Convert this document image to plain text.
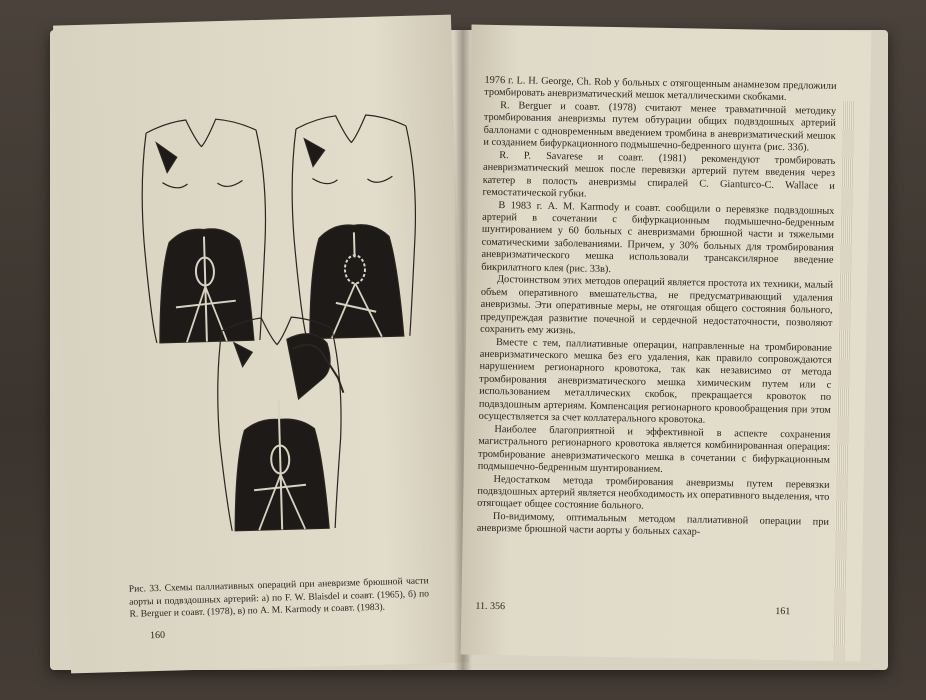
Рис. 33. Схемы паллиативных операций при аневризме брюшной части аорты и подвздошных артерий: а) по F. W. Blaisdel и соавт. (1965), б) по R. Berguer и соавт. (1978), в) по A. M. Karmody и соавт. (1983).

160

1976 г. L. H. George, Ch. Rob у больных с отягощенным анамнезом предложили тромбировать аневризматический мешок металлическими скобками.

R. Berguer и соавт. (1978) считают менее травматичной методику тромбирования аневризмы путем обтурации общих подвздошных артерий баллонами с одновременным введением тромбина в аневризматический мешок и созданием бифуркационного подмышечно-бедренного шунта (рис. 33б).

R. P. Savarese и соавт. (1981) рекомендуют тромбировать аневризматический мешок после перевязки артерий путем введения через катетер в полость аневризмы спиралей C. Gianturco-C. Wallace и гемостатической губки.

В 1983 г. A. M. Karmody и соавт. сообщили о перевязке подвздошных артерий в сочетании с бифуркационным подмышечно-бедренным шунтированием у 60 больных с аневризмами брюшной части и тяжелыми соматическими заболеваниями. Причем, у 30% больных для тромбирования аневризматического мешка использовали трансаксилярное введение бикрилатного клея (рис. 33в).

Достоинством этих методов операций является простота их техники, малый объем оперативного вмешательства, не предусматривающий удаления аневризмы. Эти оперативные меры, не отягощая общего состояния больного, предупреждая развитие почечной и сердечной недостаточности, позволяют сохранить ему жизнь.

Вместе с тем, паллиативные операции, направленные на тромбирование аневризматического мешка без его удаления, как правило сопровождаются нарушением регионарного кровотока, так как независимо от метода тромбирования аневризматического мешка химическим путем или с использованием металлических скобок, прекращается кровоток по подвздошным артериям. Компенсация регионарного кровообращения при этом осуществляется за счет коллатерального кровотока.

Наиболее благоприятной и эффективной в аспекте сохранения магистрального регионарного кровотока является комбинированная операция: тромбирование аневризматического мешка в сочетании с бифуркационным подмышечно-бедренным шунтированием.

Недостатком метода тромбирования аневризмы путем перевязки подвздошных артерий является необходимость их оперативного выделения, что отягощает общее состояние больного.

По-видимому, оптимальным методом паллиативной операции при аневризме брюшной части аорты у больных сахар-

11. 356	161
